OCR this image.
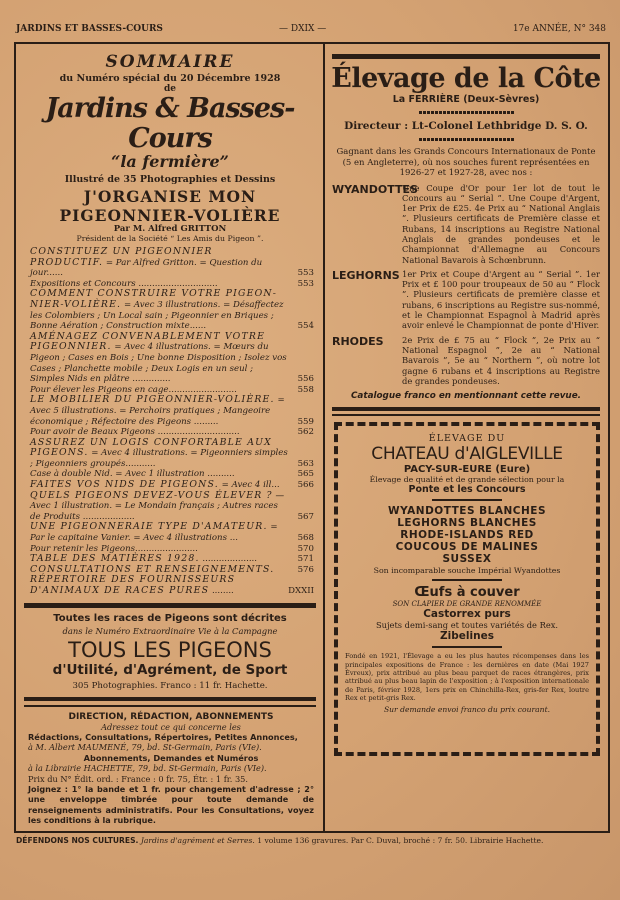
JARDINS ET BASSES-COURS	— DXIX —	17e ANNÉE, N° 348
SOMMAIRE
du Numéro spécial du 20 Décembre 1928
de
Jardins & Basses-Cours
“la fermière”
Illustré de 35 Photographies et Dessins
J'ORGANISE MON
PIGEONNIER-VOLIÈRE
Par M. Alfred GRITTON
Président de la Société “ Les Amis du Pigeon ”.
CONSTITUEZ UN PIGEONNIER PRODUCTIF. = Par Alfred Gritton. = Question du jour......	553
Expositions et Concours .............................	553
COMMENT CONSTRUIRE VOTRE PIGEON-NIER-VOLIÈRE. = Avec 3 illustrations. = Désaffectez les Colombiers ; Un Local sain ; Pigeonnier en Briques ; Bonne Aération ; Construction mixte......	554
AMÉNAGEZ CONVENABLEMENT VOTRE PIGEONNIER. = Avec 4 illustrations. = Mœurs du Pigeon ; Cases en Bois ; Une bonne Disposition ; Isolez vos Cases ; Planchette mobile ; Deux Logis en un seul ; Simples Nids en plâtre ..............	556
Pour élever les Pigeons en cage.........................	558
LE MOBILIER DU PIGEONNIER-VOLIÈRE. = Avec 5 illustrations. = Perchoirs pratiques ; Mangeoire économique ; Réfectoire des Pigeons .........	559
Pour avoir de Beaux Pigeons ..............................	562
ASSUREZ UN LOGIS CONFORTABLE AUX PIGEONS. = Avec 4 illustrations. = Pigeonniers simples ; Pigeonniers groupés...........	563
Case à double Nid. = Avec 1 illustration ..........	565
FAITES VOS NIDS DE PIGEONS. = Avec 4 ill... 566
QUELS PIGEONS DEVEZ-VOUS ÉLEVER ? — Avec 1 illustration. = Le Mondain français ; Autres races de Produits ...................	567
UNE PIGEONNERAIE TYPE D'AMATEUR. = Par le capitaine Vanier. = Avec 4 illustrations ...	568
Pour retenir les Pigeons.......................	570
TABLE DES MATIÈRES 1928. ....................	571
CONSULTATIONS ET RENSEIGNEMENTS.	576
RÉPERTOIRE DES FOURNISSEURS D'ANIMAUX DE RACES PURES ........	DXXII
Toutes les races de Pigeons sont décrites
dans le Numéro Extraordinaire Vie à la Campagne
TOUS LES PIGEONS
d'Utilité, d'Agrément, de Sport
305 Photographies. Franco : 11 fr. Hachette.
DIRECTION, RÉDACTION, ABONNEMENTS
Adressez tout ce qui concerne les
Rédactions, Consultations, Répertoires, Petites Annonces,
à M. Albert MAUMENÉ, 79, bd. St-Germain, Paris (VIe).
Abonnements, Demandes et Numéros
à la Librairie HACHETTE, 79, bd. St-Germain, Paris (VIe).
Prix du N° Édit. ord. : France : 0 fr. 75, Étr. : 1 fr. 35.
Joignez : 1° la bande et 1 fr. pour changement d'adresse ; 2° une enveloppe timbrée pour toute demande de renseignements administratifs. Pour les Consultations, voyez les conditions à la rubrique.
Élevage de la Côte
La FERRIÈRE (Deux-Sèvres)
Directeur : Lt-Colonel Lethbridge D. S. O.
Gagnant dans les Grands Concours Internationaux de Ponte (5 en Angleterre), où nos souches furent représentées en 1926-27 et 1927-28, avec nos :
WYANDOTTES
Une Coupe d'Or pour 1er lot de tout le Concours au “ Serial ”. Une Coupe d'Argent, 1er Prix de £25. 4e Prix au “ National Anglais ”. Plusieurs certificats de Première classe et Rubans, 14 inscriptions au Registre National Anglais de grandes pondeuses et le Championnat d'Allemagne au Concours National Bavarois à Schœnbrunn.
LEGHORNS 1er Prix et Coupe d'Argent au “ Serial ”. 1er Prix et £ 100 pour troupeaux de 50 au “ Flock ”. Plusieurs certificats de première classe et rubans, 6 inscriptions au Registre sus-nommé, et le Championnat Espagnol à Madrid après avoir enlevé le Championnat de ponte d'Hiver.
RHODES	2e Prix de £ 75 au “ Flock ”, 2e Prix au “ National Espagnol ”, 2e au “ National Bavarois ”, 5e au “ Northern ”, où notre lot gagne 6 rubans et 4 inscriptions au Registre de grandes pondeuses.
Catalogue franco en mentionnant cette revue.
ÉLEVAGE DU
CHATEAU d'AIGLEVILLE
PACY-SUR-EURE (Eure)
Élevage de qualité et de grande sélection pour la
Ponte et les Concours
WYANDOTTES BLANCHES
LEGHORNS BLANCHES
RHODE-ISLANDS RED
COUCOUS DE MALINES
SUSSEX
Son incomparable souche Impérial Wyandottes
Œufs à couver
SON CLAPIER DE GRANDE RENOMMÉE
Castorrex purs
Sujets demi-sang et toutes variétés de Rex.
Zibelines
Fondé en 1921, l'Élevage a eu les plus hautes récompenses dans les principales expositions de France : les dernières en date (Mai 1927 Évreux), prix attribué au plus beau parquet de races étrangères, prix attribué au plus beau lapin de l'exposition ; à l'exposition internationale de Paris, février 1928, 1ers prix en Chinchilla-Rex, gris-fer Rex, loutre Rex et petit-gris Rex.
Sur demande envoi franco du prix courant.
DÉFENDONS NOS CULTURES. Jardins d'agrément et Serres. 1 volume 136 gravures. Par C. Duval, broché : 7 fr. 50. Librairie Hachette.
